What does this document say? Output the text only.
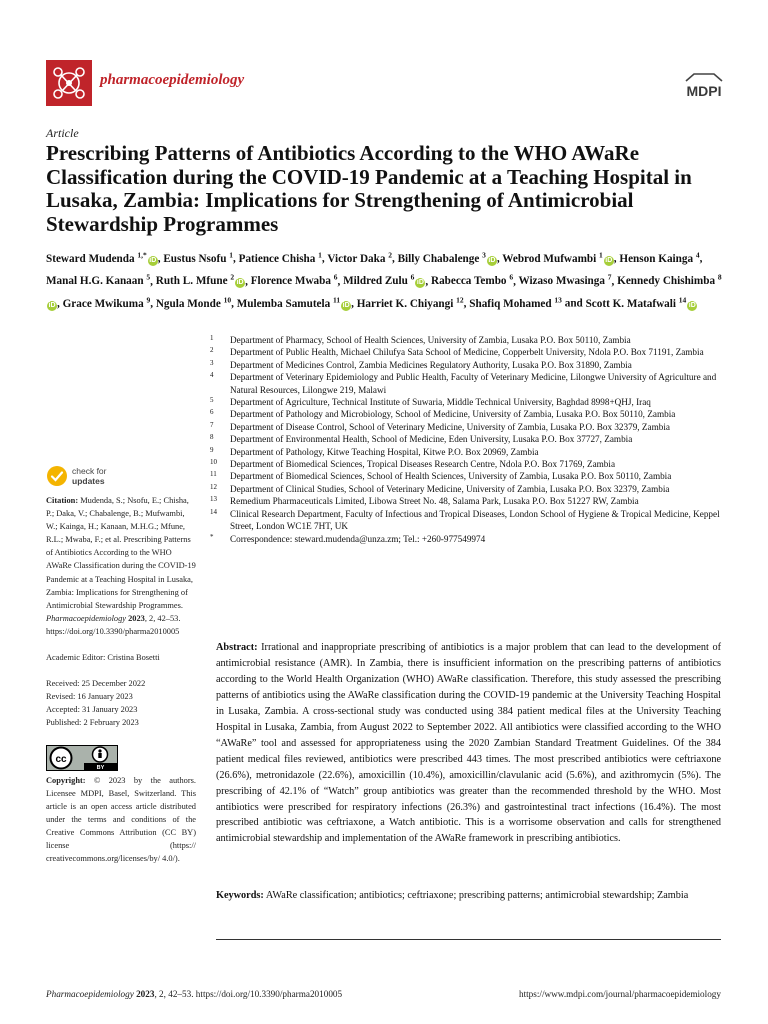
pharmacoepidemiology
MDPI
Article
Prescribing Patterns of Antibiotics According to the WHO AWaRe Classification during the COVID-19 Pandemic at a Teaching Hospital in Lusaka, Zambia: Implications for Strengthening of Antimicrobial Stewardship Programmes
Steward Mudenda $^{1,*}$iD , Eustus Nsofu $^1$, Patience Chisha $^1$, Victor Daka $^2$, Billy Chabalenge $^3$iD , Webrod Mufwambi $^1$iD , Henson Kainga $^4$, Manal H.G. Kanaan $^5$, Ruth L. Mfune $^2$iD , Florence Mwaba $^6$, Mildred Zulu $^6$iD , Rabecca Tembo $^6$, Wizaso Mwasinga $^7$, Kennedy Chishimba $^8$iD , Grace Mwikuma $^9$, Ngula Monde $^{10}$, Mulemba Samutela $^{11}$iD , Harriet K. Chiyangi $^{12}$, Shafiq Mohamed $^{13}$ and Scott K. Matafwali $^{14}$iD
1	Department of Pharmacy, School of Health Sciences, University of Zambia, Lusaka P.O. Box 50110, Zambia
2	Department of Public Health, Michael Chilufya Sata School of Medicine, Copperbelt University, Ndola P.O. Box 71191, Zambia
3	Department of Medicines Control, Zambia Medicines Regulatory Authority, Lusaka P.O. Box 31890, Zambia
4	Department of Veterinary Epidemiology and Public Health, Faculty of Veterinary Medicine, Lilongwe University of Agriculture and Natural Resources, Lilongwe 219, Malawi
5	Department of Agriculture, Technical Institute of Suwaria, Middle Technical University, Baghdad 8998+QHJ, Iraq
6	Department of Pathology and Microbiology, School of Medicine, University of Zambia, Lusaka P.O. Box 50110, Zambia
7	Department of Disease Control, School of Veterinary Medicine, University of Zambia, Lusaka P.O. Box 32379, Zambia
8	Department of Environmental Health, School of Medicine, Eden University, Lusaka P.O. Box 37727, Zambia
9	Department of Pathology, Kitwe Teaching Hospital, Kitwe P.O. Box 20969, Zambia
10	Department of Biomedical Sciences, Tropical Diseases Research Centre, Ndola P.O. Box 71769, Zambia
11	Department of Biomedical Sciences, School of Health Sciences, University of Zambia, Lusaka P.O. Box 50110, Zambia
12	Department of Clinical Studies, School of Veterinary Medicine, University of Zambia, Lusaka P.O. Box 32379, Zambia
13	Remedium Pharmaceuticals Limited, Libowa Street No. 48, Salama Park, Lusaka P.O. Box 51227 RW, Zambia
14	Clinical Research Department, Faculty of Infectious and Tropical Diseases, London School of Hygiene & Tropical Medicine, Keppel Street, London WC1E 7HT, UK
*	Correspondence: steward.mudenda@unza.zm; Tel.: +260-977549974
check for
updates

Citation: Mudenda, S.; Nsofu, E.; Chisha, P.; Daka, V.; Chabalenge, B.; Mufwambi, W.; Kainga, H.; Kanaan, M.H.G.; Mfune, R.L.; Mwaba, F.; et al. Prescribing Patterns of Antibiotics According to the WHO AWaRe Classification during the COVID-19 Pandemic at a Teaching Hospital in Lusaka, Zambia: Implications for Strengthening of Antimicrobial Stewardship Programmes. Pharmacoepidemiology 2023, 2, 42–53. https://doi.org/10.3390/pharma2010005

Academic Editor: Cristina Bosetti
Received: 25 December 2022
Revised: 16 January 2023
Accepted: 31 January 2023
Published: 2 February 2023
cc
BY

Copyright: © 2023 by the authors. Licensee MDPI, Basel, Switzerland. This article is an open access article distributed under the terms and conditions of the Creative Commons Attribution (CC BY) license (https:// creativecommons.org/licenses/by/ 4.0/).

Abstract: Irrational and inappropriate prescribing of antibiotics is a major problem that can lead to the development of antimicrobial resistance (AMR). In Zambia, there is insufficient information on the prescribing patterns of antibiotics according to the World Health Organization (WHO) AWaRe classification. Therefore, this study assessed the prescribing patterns of antibiotics using the AWaRe classification during the COVID-19 pandemic at the University Teaching Hospital in Lusaka, Zambia. A cross-sectional study was conducted using 384 patient medical files at the University Teaching Hospital in Lusaka, Zambia, from August 2022 to September 2022. All antibiotics were classified according to the WHO “AWaRe” tool and assessed for appropriateness using the 2020 Zambian Standard Treatment Guidelines. Of the 384 patient medical files reviewed, antibiotics were prescribed 443 times. The most prescribed antibiotics were ceftriaxone (26.6%), metronidazole (22.6%), amoxicillin (10.4%), amoxicillin/clavulanic acid (5.6%), and azithromycin (5%). The prescribing of 42.1% of “Watch” group antibiotics was greater than the recommended threshold by the WHO. Most antibiotics were prescribed for respiratory infections (26.3%) and gastrointestinal tract infections (16.4%). The most prescribed antibiotic was ceftriaxone, a Watch antibiotic. This is a worrisome observation and calls for strengthened antimicrobial stewardship and implementation of the AWaRe framework in prescribing antibiotics.
Keywords: AWaRe classification; antibiotics; ceftriaxone; prescribing patterns; antimicrobial stewardship; Zambia
Pharmacoepidemiology 2023, 2, 42–53. https://doi.org/10.3390/pharma2010005	https://www.mdpi.com/journal/pharmacoepidemiology
